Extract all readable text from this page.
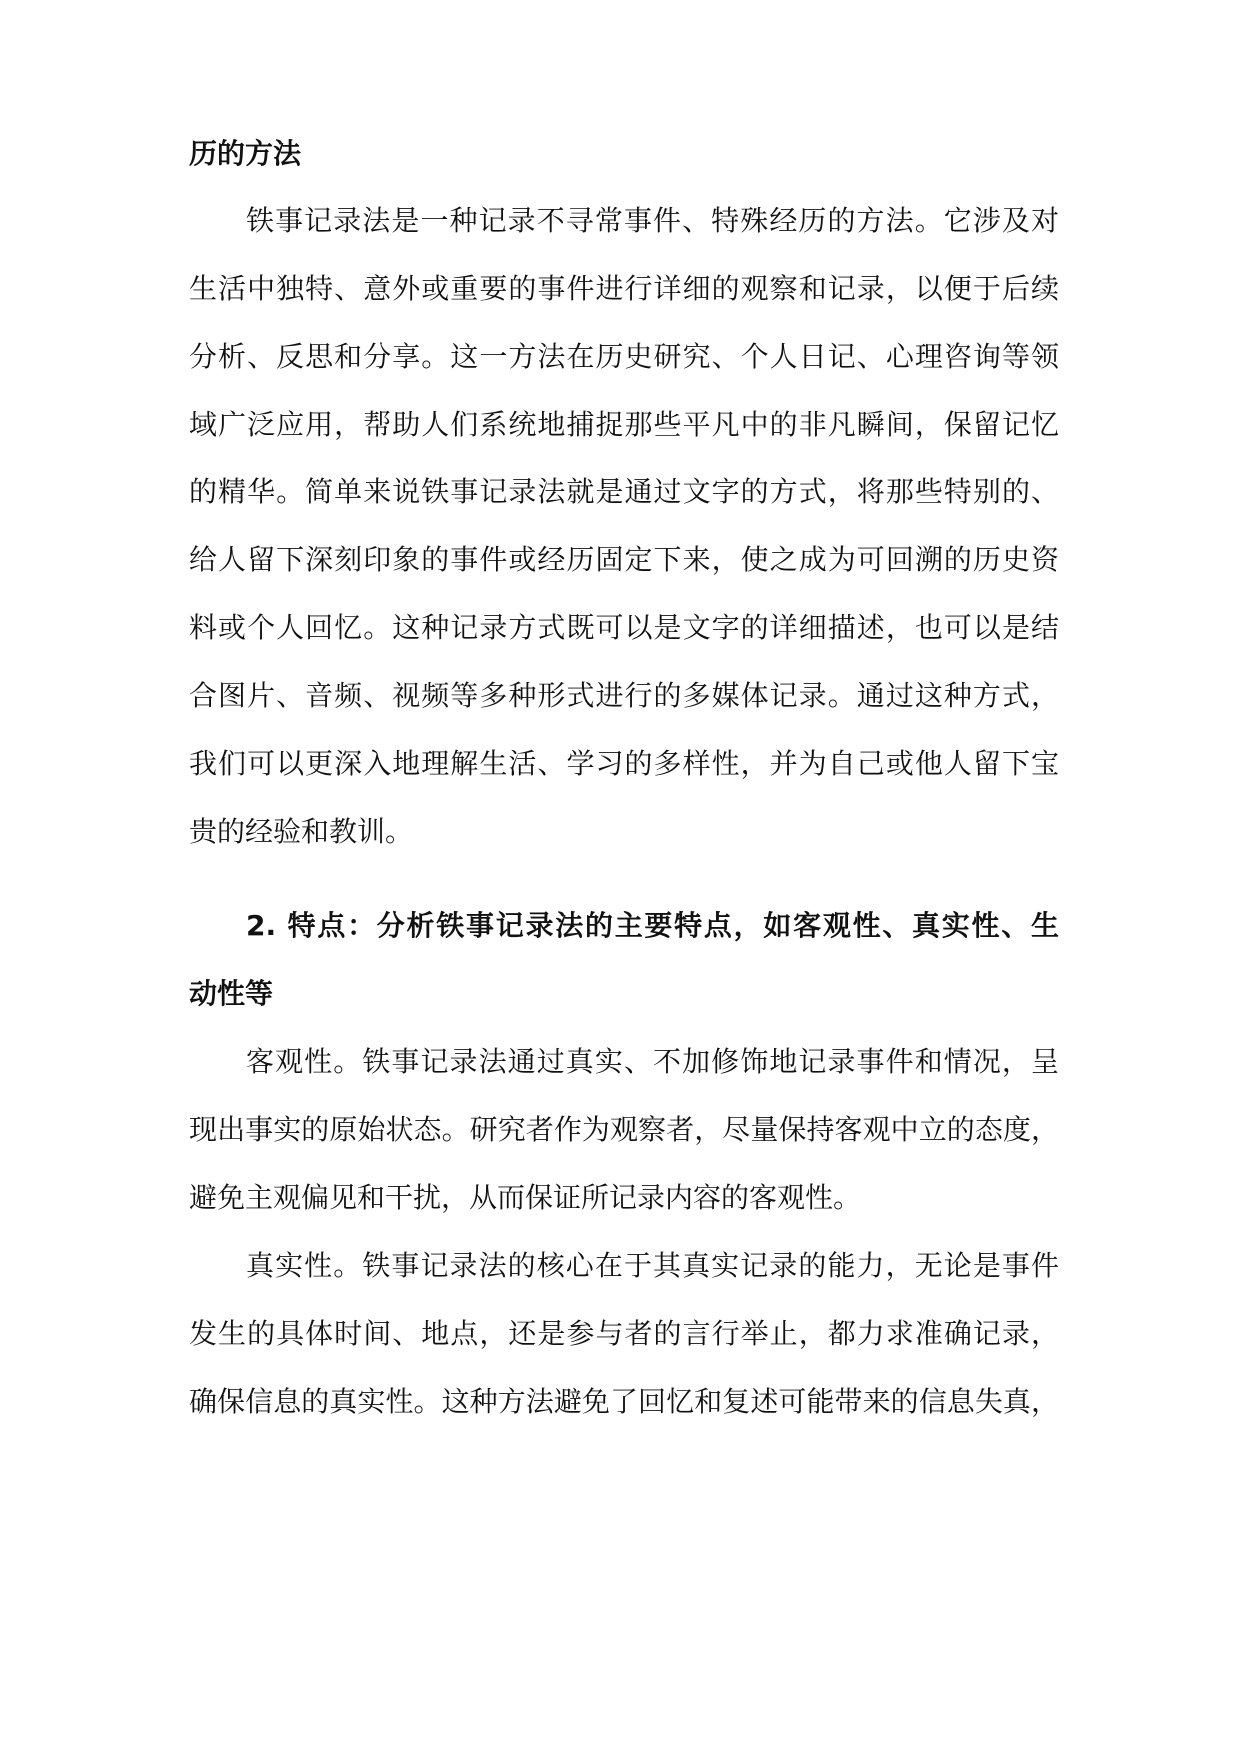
历的方法
铁事记录法是一种记录不寻常事件、特殊经历的方法。它涉及对
生活中独特、意外或重要的事件进行详细的观察和记录，以便于后续
分析、反思和分享。这一方法在历史研究、个人日记、心理咨询等领
域广泛应用，帮助人们系统地捕捉那些平凡中的非凡瞬间，保留记忆
的精华。简单来说铁事记录法就是通过文字的方式，将那些特别的、
给人留下深刻印象的事件或经历固定下来，使之成为可回溯的历史资
料或个人回忆。这种记录方式既可以是文字的详细描述，也可以是结
合图片、音频、视频等多种形式进行的多媒体记录。通过这种方式，
我们可以更深入地理解生活、学习的多样性，并为自己或他人留下宝
贵的经验和教训。
2. 特点：分析铁事记录法的主要特点，如客观性、真实性、生
动性等
客观性。铁事记录法通过真实、不加修饰地记录事件和情况，呈
现出事实的原始状态。研究者作为观察者，尽量保持客观中立的态度，
避免主观偏见和干扰，从而保证所记录内容的客观性。
真实性。铁事记录法的核心在于其真实记录的能力，无论是事件
发生的具体时间、地点，还是参与者的言行举止，都力求准确记录，
确保信息的真实性。这种方法避免了回忆和复述可能带来的信息失真，
